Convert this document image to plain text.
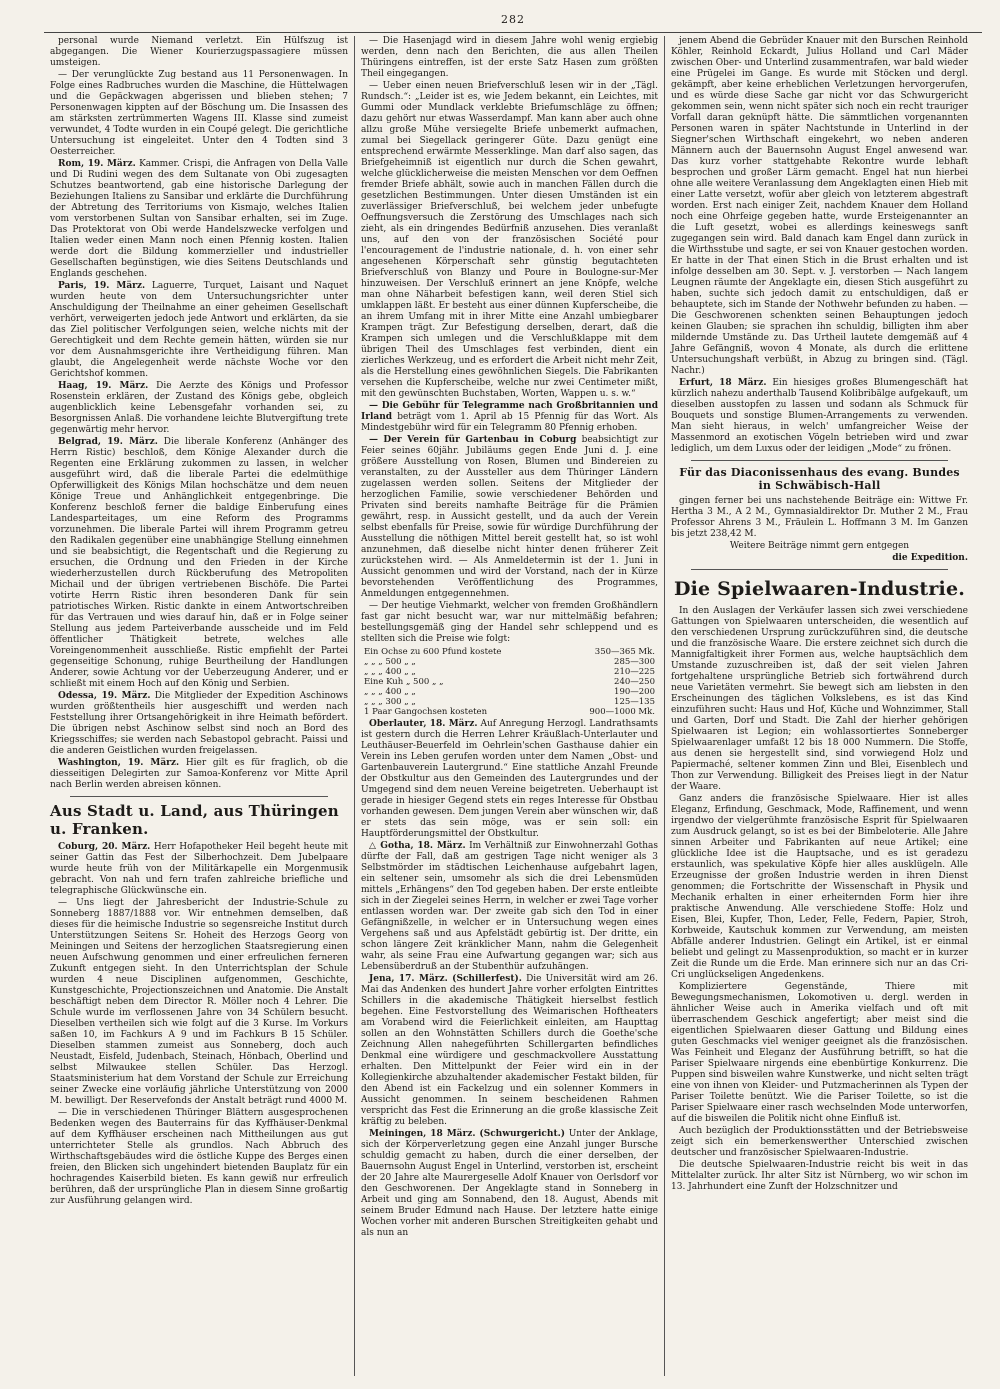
282

personal wurde Niemand verletzt. Ein Hülfszug ist abgegangen. Die Wiener Kourierzugspassagiere müssen umsteigen.

— Der verunglückte Zug bestand aus 11 Personenwagen. In Folge eines Radbruches wurden die Maschine, die Hüttelwagen und die Gepäckwagen abgerissen und blieben stehen; 7 Personenwagen kippten auf der Böschung um. Die Insassen des am stärksten zertrümmerten Wagens III. Klasse sind zumeist verwundet, 4 Todte wurden in ein Coupé gelegt. Die gerichtliche Untersuchung ist eingeleitet. Unter den 4 Todten sind 3 Oesterreicher.

Rom, 19. März. Kammer. Crispi, die Anfragen von Della Valle und Di Rudini wegen des dem Sultanate von Obi zugesagten Schutzes beantwortend, gab eine historische Darlegung der Beziehungen Italiens zu Sansibar und erklärte die Durchführung der Abtretung des Territoriums von Kismajo, welches Italien vom verstorbenen Sultan von Sansibar erhalten, sei im Zuge. Das Protektorat von Obi werde Handelszwecke verfolgen und Italien weder einen Mann noch einen Pfennig kosten. Italien werde dort die Bildung kommerzieller und industrieller Gesellschaften begünstigen, wie dies Seitens Deutschlands und Englands geschehen.

Paris, 19. März. Laguerre, Turquet, Laisant und Naquet wurden heute von dem Untersuchungsrichter unter Anschuldigung der Theilnahme an einer geheimen Gesellschaft verhört, verweigerten jedoch jede Antwort und erklärten, da sie das Ziel politischer Verfolgungen seien, welche nichts mit der Gerechtigkeit und dem Rechte gemein hätten, würden sie nur vor dem Ausnahmsgerichte ihre Vertheidigung führen. Man glaubt, die Angelegenheit werde nächste Woche vor den Gerichtshof kommen.

Haag, 19. März. Die Aerzte des Königs und Professor Rosenstein erklären, der Zustand des Königs gebe, obgleich augenblicklich keine Lebensgefahr vorhanden sei, zu Besorgnissen Anlaß. Die vorhandene leichte Blutvergiftung trete gegenwärtig mehr hervor.

Belgrad, 19. März. Die liberale Konferenz (Anhänger des Herrn Ristic) beschloß, dem Könige Alexander durch die Regenten eine Erklärung zukommen zu lassen, in welcher ausgeführt wird, daß die liberale Partei die edelmüthige Opferwilligkeit des Königs Milan hochschätze und dem neuen Könige Treue und Anhänglichkeit entgegenbringe. Die Konferenz beschloß ferner die baldige Einberufung eines Landesparteitages, um eine Reform des Programms vorzunehmen. Die liberale Partei will ihrem Programm getreu den Radikalen gegenüber eine unabhängige Stellung einnehmen und sie beabsichtigt, die Regentschaft und die Regierung zu ersuchen, die Ordnung und den Frieden in der Kirche wiederherzustellen durch Rückberufung des Metropoliten Michail und der übrigen vertriebenen Bischöfe. Die Partei votirte Herrn Ristic ihren besonderen Dank für sein patriotisches Wirken. Ristic dankte in einem Antwortschreiben für das Vertrauen und wies darauf hin, daß er in Folge seiner Stellung aus jedem Parteiverbande ausscheide und im Feld öffentlicher Thätigkeit betrete, welches alle Voreingenommenheit ausschließe. Ristic empfiehlt der Partei gegenseitige Schonung, ruhige Beurtheilung der Handlungen Anderer, sowie Achtung vor der Ueberzeugung Anderer, und er schließt mit einem Hoch auf den König und Serbien.

Odessa, 19. März. Die Mitglieder der Expedition Aschinows wurden größtentheils hier ausgeschifft und werden nach Feststellung ihrer Ortsangehörigkeit in ihre Heimath befördert. Die übrigen nebst Aschinow selbst sind noch an Bord des Kriegsschiffes; sie werden nach Sebastopol gebracht. Paissi und die anderen Geistlichen wurden freigelassen.

Washington, 19. März. Hier gilt es für fraglich, ob die diesseitigen Delegirten zur Samoa-Konferenz vor Mitte April nach Berlin werden abreisen können.

Aus Stadt u. Land, aus Thüringen u. Franken.

Coburg, 20. März. Herr Hofapotheker Heil begeht heute mit seiner Gattin das Fest der Silberhochzeit. Dem Jubelpaare wurde heute früh von der Militärkapelle ein Morgenmusik gebracht. Von nah und fern trafen zahlreiche briefliche und telegraphische Glückwünsche ein.

— Uns liegt der Jahresbericht der Industrie-Schule zu Sonneberg 1887/1888 vor. Wir entnehmen demselben, daß dieses für die heimische Industrie so segensreiche Institut durch Unterstützungen Seitens Sr. Hoheit des Herzogs Georg von Meiningen und Seitens der herzoglichen Staatsregierung einen neuen Aufschwung genommen und einer erfreulichen ferneren Zukunft entgegen sieht. In den Unterrichtsplan der Schule wurden 4 neue Disciplinen aufgenommen, Geschichte, Kunstgeschichte, Projectionszeichnen und Anatomie. Die Anstalt beschäftigt neben dem Director R. Möller noch 4 Lehrer. Die Schule wurde im verflossenen Jahre von 34 Schülern besucht. Dieselben vertheilen sich wie folgt auf die 3 Kurse. Im Vorkurs saßen 10, im Fachkurs A 9 und im Fachkurs B 15 Schüler. Dieselben stammen zumeist aus Sonneberg, doch auch Neustadt, Eisfeld, Judenbach, Steinach, Hönbach, Oberlind und selbst Milwaukee stellen Schüler. Das Herzogl. Staatsministerium hat dem Vorstand der Schule zur Erreichung seiner Zwecke eine vorläufig jährliche Unterstützung von 2000 M. bewilligt. Der Reservefonds der Anstalt beträgt rund 4000 M.

— Die in verschiedenen Thüringer Blättern ausgesprochenen Bedenken wegen des Bauterrains für das Kyffhäuser-Denkmal auf dem Kyffhäuser erscheinen nach Mittheilungen aus gut unterrichteter Stelle als grundlos. Nach Abbruch des Wirthschaftsgebäudes wird die östliche Kuppe des Berges einen freien, den Blicken sich ungehindert bietenden Bauplatz für ein hochragendes Kaiserbild bieten. Es kann gewiß nur erfreulich berühren, daß der ursprüngliche Plan in diesem Sinne großartig zur Ausführung gelangen wird.

— Die Hasenjagd wird in diesem Jahre wohl wenig ergiebig werden, denn nach den Berichten, die aus allen Theilen Thüringens eintreffen, ist der erste Satz Hasen zum größten Theil eingegangen.

— Ueber einen neuen Briefverschluß lesen wir in der „Tägl. Rundsch.“: „Leider ist es, wie Jedem bekannt, ein Leichtes, mit Gummi oder Mundlack verklebte Briefumschläge zu öffnen; dazu gehört nur etwas Wasserdampf. Man kann aber auch ohne allzu große Mühe versiegelte Briefe unbemerkt aufmachen, zumal bei Siegellack geringerer Güte. Dazu genügt eine entsprechend erwärmte Messerklinge. Man darf also sagen, das Briefgeheimniß ist eigentlich nur durch die Schen gewahrt, welche glücklicherweise die meisten Menschen vor dem Oeffnen fremder Briefe abhält, sowie auch in manchen Fällen durch die gesetzlichen Bestimmungen. Unter diesen Umständen ist ein zuverlässiger Briefverschluß, bei welchem jeder unbefugte Oeffnungsversuch die Zerstörung des Umschlages nach sich zieht, als ein dringendes Bedürfniß anzusehen. Dies veranlaßt uns, auf den von der französischen Société pour l'encouragement de l'industrie nationale, d. h. von einer sehr angesehenen Körperschaft sehr günstig begutachteten Briefverschluß von Blanzy und Poure in Boulogne-sur-Mer hinzuweisen. Der Verschluß erinnert an jene Knöpfe, welche man ohne Näharbeit befestigen kann, weil deren Stiel sich umklappen läßt. Er besteht aus einer dünnen Kupferscheibe, die an ihrem Umfang mit in ihrer Mitte eine Anzahl umbiegbarer Krampen trägt. Zur Befestigung derselben, derart, daß die Krampen sich umlegen und die Verschlußklappe mit dem übrigen Theil des Umschlages fest verbinden, dient ein zierliches Werkzeug, und es erfordert die Arbeit nicht mehr Zeit, als die Herstellung eines gewöhnlichen Siegels. Die Fabrikanten versehen die Kupferscheibe, welche nur zwei Centimeter mißt, mit den gewünschten Buchstaben, Worten, Wappen u. s. w.“

— Die Gebühr für Telegramme nach Großbritannien und Irland beträgt vom 1. April ab 15 Pfennig für das Wort. Als Mindestgebühr wird für ein Telegramm 80 Pfennig erhoben.

— Der Verein für Gartenbau in Coburg beabsichtigt zur Feier seines 60jähr. Jubiläums gegen Ende Juni d. J. eine größere Ausstellung von Rosen, Blumen und Bindereien zu veranstalten, zu der Aussteller aus dem Thüringer Ländern zugelassen werden sollen. Seitens der Mitglieder der herzoglichen Familie, sowie verschiedener Behörden und Privaten sind bereits namhafte Beiträge für die Prämien gewährt, resp. in Aussicht gestellt, und da auch der Verein selbst ebenfalls für Preise, sowie für würdige Durchführung der Ausstellung die nöthigen Mittel bereit gestellt hat, so ist wohl anzunehmen, daß dieselbe nicht hinter denen früherer Zeit zurückstehen wird. — Als Anmeldetermin ist der 1. Juni in Aussicht genommen und wird der Vorstand, nach der in Kürze bevorstehenden Veröffentlichung des Programmes, Anmeldungen entgegennehmen.

— Der heutige Viehmarkt, welcher von fremden Großhändlern fast gar nicht besucht war, war nur mittelmäßig befahren; bestellungsgemäß ging der Handel sehr schleppend und es stellten sich die Preise wie folgt:

Ein Ochse zu 600 Pfund kostete	350—365 Mk.
„ „ „ 500 „ „	285—300
„ „ „ 400 „ „	210—225
Eine Kuh „ 500 „ „	240—250
„ „ „ 400 „ „	190—200
„ „ „ 300 „ „	125—135
1 Paar Gangochsen kosteten	900—1000 Mk.

Oberlauter, 18. März. Auf Anregung Herzogl. Landrathsamts ist gestern durch die Herren Lehrer Kräußlach-Unterlauter und Leuthäuser-Beuerfeld im Oehrlein'schen Gasthause dahier ein Verein ins Leben gerufen worden unter dem Namen „Obst- und Gartenbauverein Lautergrund.“ Eine stattliche Anzahl Freunde der Obstkultur aus den Gemeinden des Lautergrundes und der Umgegend sind dem neuen Vereine beigetreten. Ueberhaupt ist gerade in hiesiger Gegend stets ein reges Interesse für Obstbau vorhanden gewesen. Dem jungen Verein aber wünschen wir, daß er stets das sein möge, was er sein soll: ein Hauptförderungsmittel der Obstkultur.

△ Gotha, 18. März. Im Verhältniß zur Einwohnerzahl Gothas dürfte der Fall, daß am gestrigen Tage nicht weniger als 3 Selbstmörder im städtischen Leichenhause aufgebahrt lagen, ein seltener sein, umsomehr als sich die drei Lebensmüden mittels „Erhängens“ den Tod gegeben haben. Der erste entleibte sich in der Ziegelei seines Herrn, in welcher er zwei Tage vorher entlassen worden war. Der zweite gab sich den Tod in einer Gefängnißzelle, in welcher er in Untersuchung wegen eines Vergehens saß und aus Apfelstädt gebürtig ist. Der dritte, ein schon längere Zeit kränklicher Mann, nahm die Gelegenheit wahr, als seine Frau eine Aufwartung gegangen war; sich aus Lebensüberdruß an der Stubenthür aufzuhängen.

Jena, 17. März. (Schillerfest). Die Universität wird am 26. Mai das Andenken des hundert Jahre vorher erfolgten Eintrittes Schillers in die akademische Thätigkeit hierselbst festlich begehen. Eine Festvorstellung des Weimarischen Hoftheaters am Vorabend wird die Feierlichkeit einleiten, am Haupttag sollen an den Wohnstätten Schillers durch die Goethe'sche Zeichnung Allen nahegeführten Schillergarten befindliches Denkmal eine würdigere und geschmackvollere Ausstattung erhalten. Den Mittelpunkt der Feier wird ein in der Kollegienkirche abzuhaltender akademischer Festakt bilden, für den Abend ist ein Fackelzug und ein solenner Kommers in Aussicht genommen. In seinem bescheidenen Rahmen verspricht das Fest die Erinnerung an die große klassische Zeit kräftig zu beleben.

Meiningen, 18 März. (Schwurgericht.) Unter der Anklage, sich der Körperverletzung gegen eine Anzahl junger Bursche schuldig gemacht zu haben, durch die einer derselben, der Bauernsohn August Engel in Unterlind, verstorben ist, erscheint der 20 Jahre alte Maurergeselle Adolf Knauer von Oerlsdorf vor den Geschworenen. Der Angeklagte stand in Sonneberg in Arbeit und ging am Sonnabend, den 18. August, Abends mit seinem Bruder Edmund nach Hause. Der letztere hatte einige Wochen vorher mit anderen Burschen Streitigkeiten gehabt und als nun an

jenem Abend die Gebrüder Knauer mit den Burschen Reinhold Köhler, Reinhold Eckardt, Julius Holland und Carl Mäder zwischen Ober- und Unterlind zusammentrafen, war bald wieder eine Prügelei im Gange. Es wurde mit Stöcken und dergl. gekämpft, aber keine erheblichen Verletzungen hervorgerufen, und es würde diese Sache gar nicht vor das Schwurgericht gekommen sein, wenn nicht später sich noch ein recht trauriger Vorfall daran geknüpft hätte. Die sämmtlichen vorgenannten Personen waren in später Nachtstunde in Unterlind in der Siegner'schen Wirthschaft eingekehrt, wo neben anderen Männern auch der Bauernsohn August Engel anwesend war. Das kurz vorher stattgehabte Rekontre wurde lebhaft besprochen und großer Lärm gemacht. Engel hat nun hierbei ohne alle weitere Veranlassung dem Angeklagten einen Hieb mit einer Latte versetzt, wofür aber gleich von letzterem abgestraft worden. Erst nach einiger Zeit, nachdem Knauer dem Holland noch eine Ohrfeige gegeben hatte, wurde Ersteigenannter an die Luft gesetzt, wobei es allerdings keineswegs sanft zugegangen sein wird. Bald danach kam Engel dann zurück in die Wirthsstube und sagte, er sei von Knauer gestochen worden. Er hatte in der That einen Stich in die Brust erhalten und ist infolge desselben am 30. Sept. v. J. verstorben — Nach langem Leugnen räumte der Angeklagte ein, diesen Stich ausgeführt zu haben, suchte sich jedoch damit zu entschuldigen, daß er behauptete, sich im Stande der Nothwehr befunden zu haben. — Die Geschworenen schenkten seinen Behauptungen jedoch keinen Glauben; sie sprachen ihn schuldig, billigten ihm aber mildernde Umstände zu. Das Urtheil lautete demgemäß auf 4 Jahre Gefängniß, wovon 4 Monate, als durch die erlittene Untersuchungshaft verbüßt, in Abzug zu bringen sind. (Tägl. Nachr.)

Erfurt, 18 März. Ein hiesiges großes Blumengeschäft hat kürzlich nahezu anderthalb Tausend Kolibribälge aufgekauft, um dieselben ausstopfen zu lassen und sodann als Schmuck für Bouquets und sonstige Blumen-Arrangements zu verwenden. Man sieht hieraus, in welch' umfangreicher Weise der Massenmord an exotischen Vögeln betrieben wird und zwar lediglich, um dem Luxus oder der leidigen „Mode“ zu frönen.

Für das Diaconissenhaus des evang. Bundes in Schwäbisch-Hall

gingen ferner bei uns nachstehende Beiträge ein: Wittwe Fr. Hertha 3 M., A 2 M., Gymnasialdirektor Dr. Muther 2 M., Frau Professor Ahrens 3 M., Fräulein L. Hoffmann 3 M. Im Ganzen bis jetzt 238,42 M.

Weitere Beiträge nimmt gern entgegen

die Expedition.

Die Spielwaaren-Industrie.

In den Auslagen der Verkäufer lassen sich zwei verschiedene Gattungen von Spielwaaren unterscheiden, die wesentlich auf den verschiedenen Ursprung zurückzuführen sind, die deutsche und die französische Waare. Die erstere zeichnet sich durch die Mannigfaltigkeit ihrer Formen aus, welche hauptsächlich dem Umstande zuzuschreiben ist, daß der seit vielen Jahren fortgehaltene ursprüngliche Betrieb sich fortwährend durch neue Varietäten vermehrt. Sie bewegt sich am liebsten in den Erscheinungen des täglichen Volkslebens, es ist das Kind einzuführen sucht: Haus und Hof, Küche und Wohnzimmer, Stall und Garten, Dorf und Stadt. Die Zahl der hierher gehörigen Spielwaaren ist Legion; ein wohlassortiertes Sonneberger Spielwaarenlager umfaßt 12 bis 18 000 Nummern. Die Stoffe, aus denen sie hergestellt sind, sind vorwiegend Holz und Papiermaché, seltener kommen Zinn und Blei, Eisenblech und Thon zur Verwendung. Billigkeit des Preises liegt in der Natur der Waare.

Ganz anders die französische Spielwaare. Hier ist alles Eleganz, Erfindung, Geschmack, Mode, Raffinement, und wenn irgendwo der vielgerühmte französische Esprit für Spielwaaren zum Ausdruck gelangt, so ist es bei der Bimbeloterie. Alle Jahre sinnen Arbeiter und Fabrikanten auf neue Artikel; eine glückliche Idee ist die Hauptsache, und es ist geradezu erstaunlich, was spekulative Köpfe hier alles ausklügeln. Alle Erzeugnisse der großen Industrie werden in ihren Dienst genommen; die Fortschritte der Wissenschaft in Physik und Mechanik erhalten in einer erheiternden Form hier ihre praktische Anwendung. Alle verschiedene Stoffe: Holz und Eisen, Blei, Kupfer, Thon, Leder, Felle, Federn, Papier, Stroh, Korbweide, Kautschuk kommen zur Verwendung, am meisten Abfälle anderer Industrien. Gelingt ein Artikel, ist er einmal beliebt und gelingt zu Massenproduktion, so macht er in kurzer Zeit die Runde um die Erde. Man erinnere sich nur an das Cri-Cri unglückseligen Angedenkens.

Kompliziertere Gegenstände, Thiere mit Bewegungsmechanismen, Lokomotiven u. dergl. werden in ähnlicher Weise auch in Amerika vielfach und oft mit überraschendem Geschick angefertigt; aber meist sind die eigentlichen Spielwaaren dieser Gattung und Bildung eines guten Geschmacks viel weniger geeignet als die französischen. Was Feinheit und Eleganz der Ausführung betrifft, so hat die Pariser Spielwaare nirgends eine ebenbürtige Konkurrenz. Die Puppen sind bisweilen wahre Kunstwerke, und nicht selten trägt eine von ihnen von Kleider- und Putzmacherinnen als Typen der Pariser Toilette benützt. Wie die Pariser Toilette, so ist die Pariser Spielwaare einer rasch wechselnden Mode unterworfen, auf die bisweilen die Politik nicht ohne Einfluß ist.

Auch bezüglich der Produktionsstätten und der Betriebsweise zeigt sich ein bemerkenswerther Unterschied zwischen deutscher und französischer Spielwaaren-Industrie.

Die deutsche Spielwaaren-Industrie reicht bis weit in das Mittelalter zurück. Ihr alter Sitz ist Nürnberg, wo wir schon im 13. Jahrhundert eine Zunft der Holzschnitzer und
